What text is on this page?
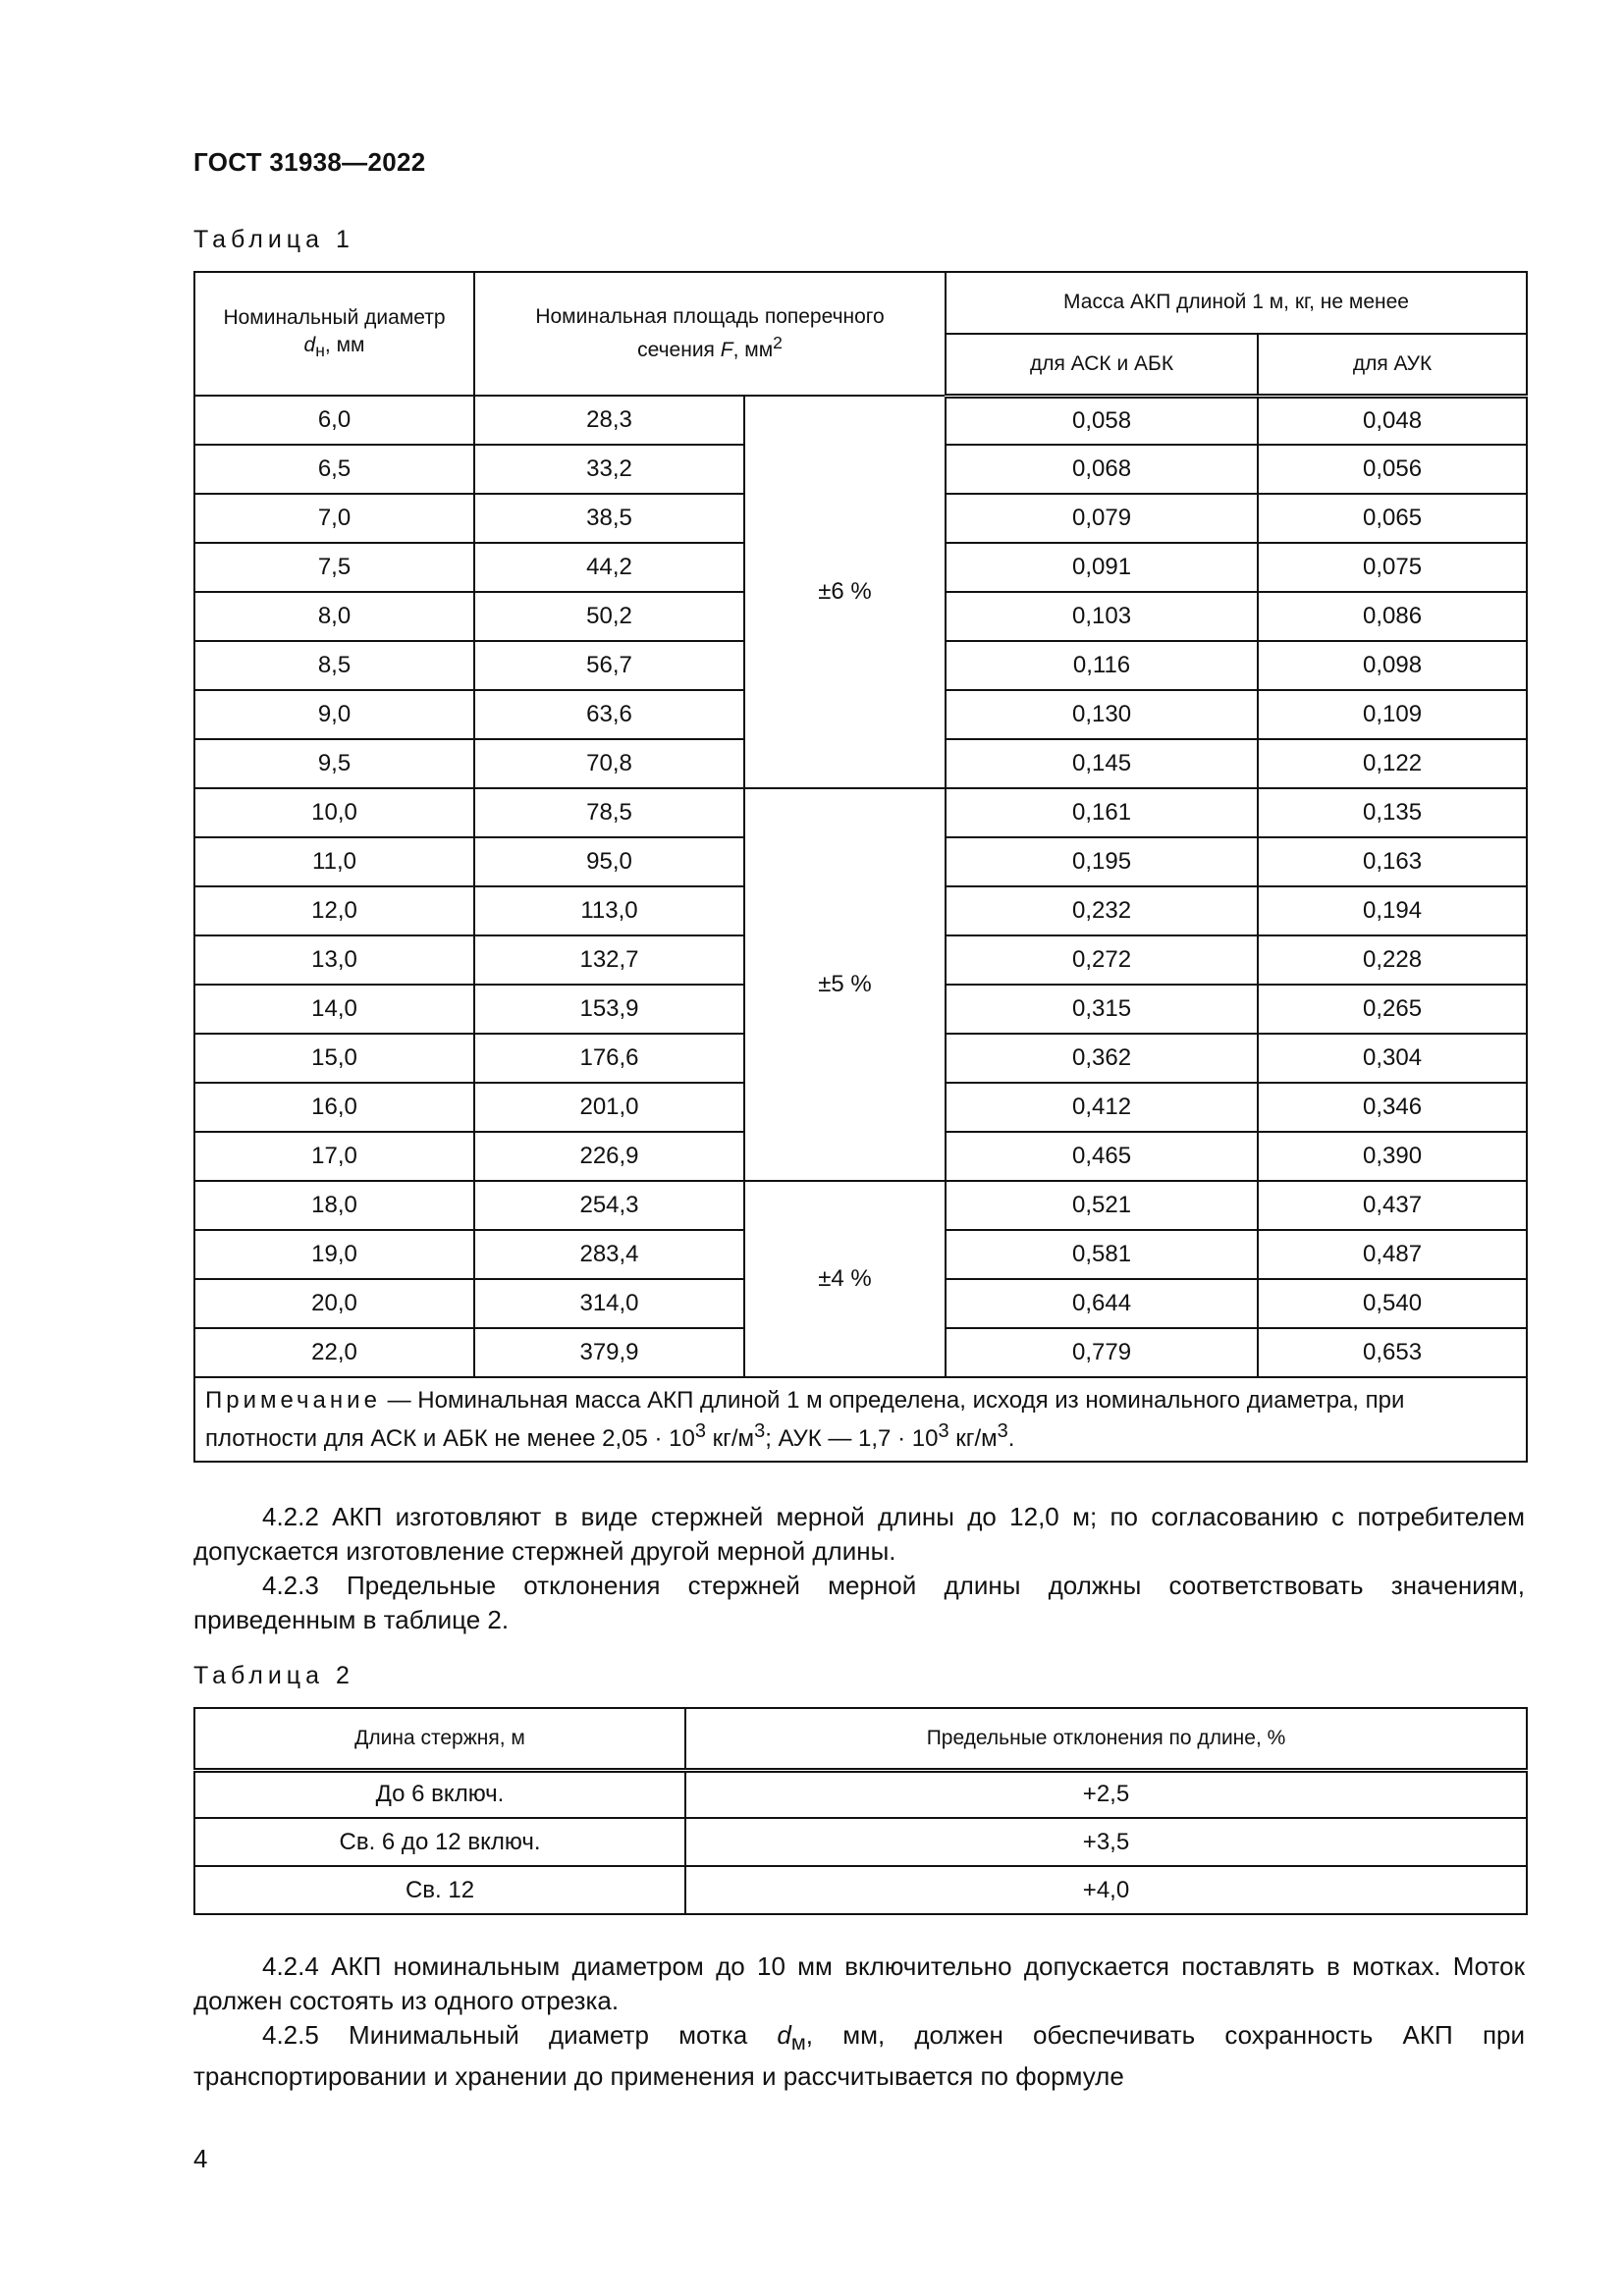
ГОСТ 31938—2022
Таблица 1
Номинальный диаметр
$d_н$, мм	Номинальная площадь поперечного
сечения F, $мм^2$		Масса АКП длиной 1 м, кг, не менее	
			для АСК и АБК	для АУК
6,0	28,3	±6 %	0,058	0,048
6,5	33,2		0,068	0,056
7,0	38,5		0,079	0,065
7,5	44,2		0,091	0,075
8,0	50,2		0,103	0,086
8,5	56,7		0,116	0,098
9,0	63,6		0,130	0,109
9,5	70,8		0,145	0,122
10,0	78,5	±5 %	0,161	0,135
11,0	95,0		0,195	0,163
12,0	113,0		0,232	0,194
13,0	132,7		0,272	0,228
14,0	153,9		0,315	0,265
15,0	176,6		0,362	0,304
16,0	201,0		0,412	0,346
17,0	226,9		0,465	0,390
18,0	254,3	±4 %	0,521	0,437
19,0	283,4		0,581	0,487
20,0	314,0		0,644	0,540
22,0	379,9		0,779	0,653
Примечание — Номинальная масса АКП длиной 1 м определена, исходя из номинального диаметра, при плотности для АСК и АБК не менее $2,05 \cdot 10^3$ $кг/м^3$; АУК — $1,7 \cdot 10^3$ $кг/м^3$.				

4.2.2 АКП изготовляют в виде стержней мерной длины до 12,0 м; по согласованию с потребителем допускается изготовление стержней другой мерной длины.

4.2.3 Предельные отклонения стержней мерной длины должны соответствовать значениям, приведенным в таблице 2.

Таблица 2
Длина стержня, м	Предельные отклонения по длине, %
До 6 включ.	+2,5
Св. 6 до 12 включ.	+3,5
Св. 12	+4,0

4.2.4 АКП номинальным диаметром до 10 мм включительно допускается поставлять в мотках. Моток должен состоять из одного отрезка.

4.2.5 Минимальный диаметр мотка $d_м$, мм, должен обеспечивать сохранность АКП при транспортировании и хранении до применения и рассчитывается по формуле

4
